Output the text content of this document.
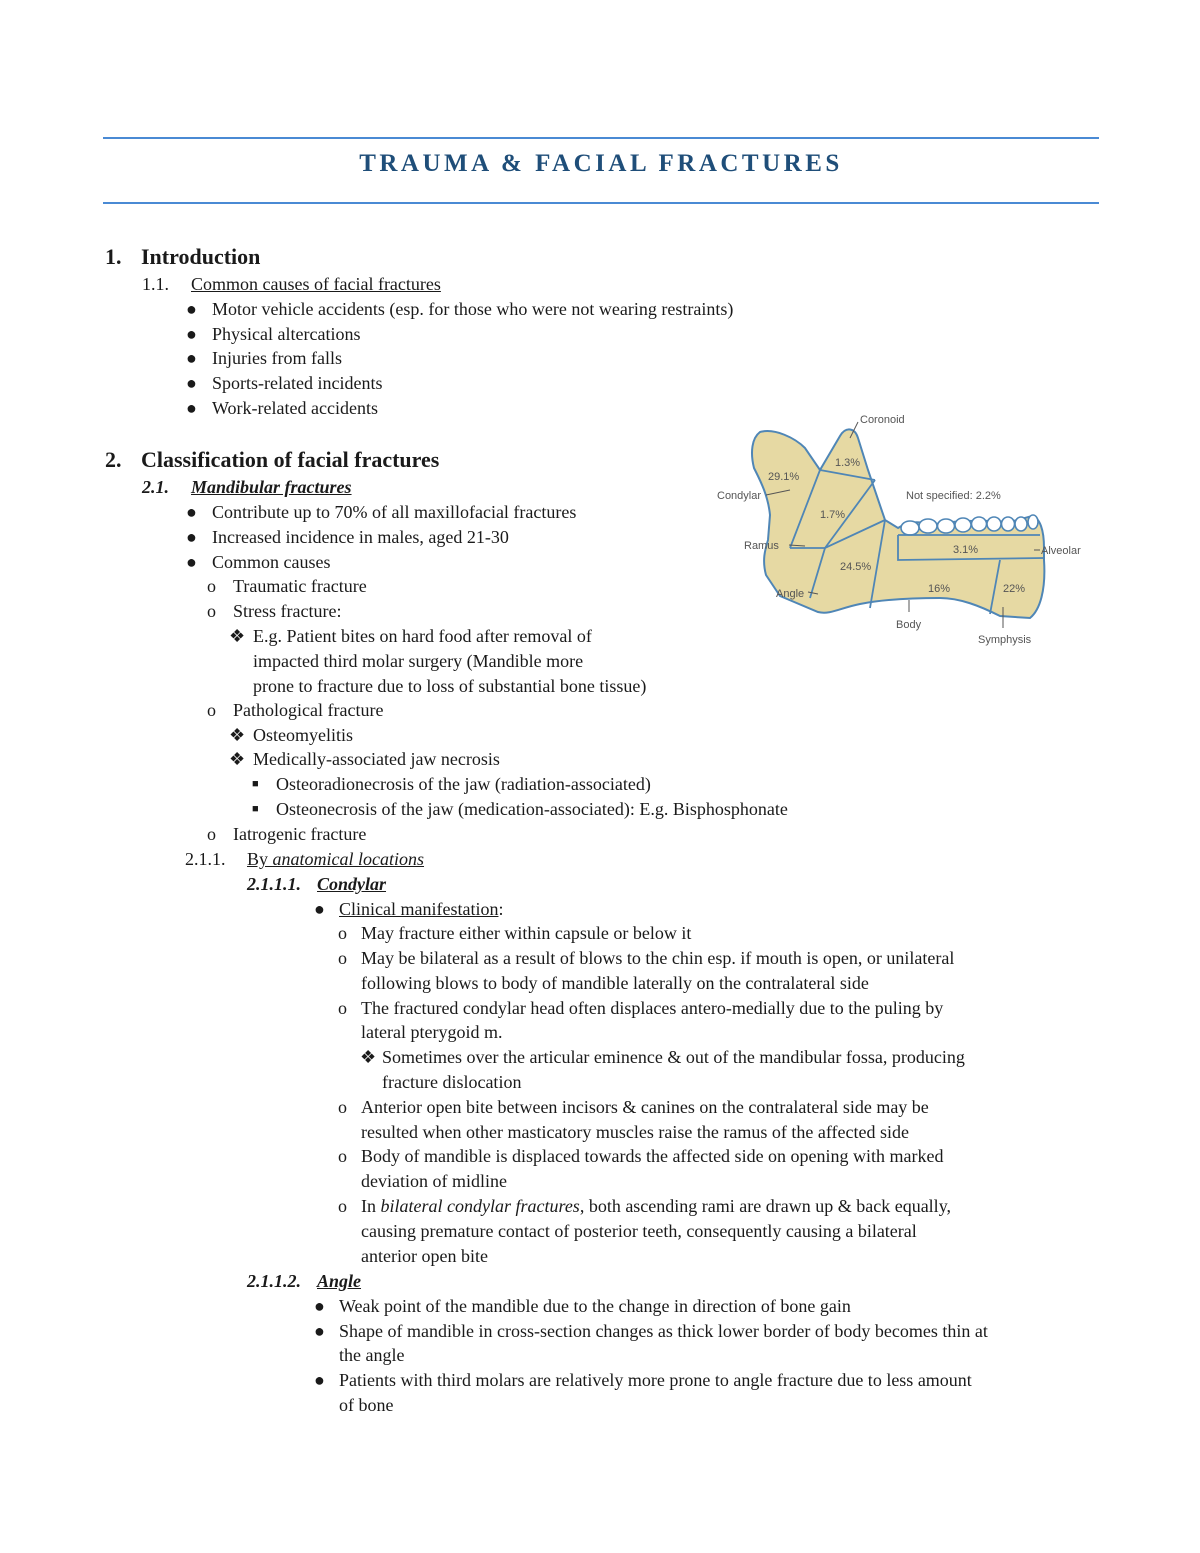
TRAUMA & FACIAL FRACTURES
1. Introduction
1.1. Common causes of facial fractures
● Motor vehicle accidents (esp. for those who were not wearing restraints)
● Physical altercations
● Injuries from falls
● Sports-related incidents
● Work-related accidents
2. Classification of facial fractures
2.1. Mandibular fractures
● Contribute up to 70% of all maxillofacial fractures
● Increased incidence in males, aged 21-30
● Common causes
o Traumatic fracture
o Stress fracture:
❖ E.g. Patient bites on hard food after removal of
impacted third molar surgery (Mandible more
prone to fracture due to loss of substantial bone tissue)
o Pathological fracture
❖ Osteomyelitis
❖ Medically-associated jaw necrosis
■ Osteoradionecrosis of the jaw (radiation-associated)
■ Osteonecrosis of the jaw (medication-associated): E.g. Bisphosphonate
o Iatrogenic fracture
2.1.1. By anatomical locations
2.1.1.1. Condylar
● Clinical manifestation:
o May fracture either within capsule or below it
o May be bilateral as a result of blows to the chin esp. if mouth is open, or unilateral
following blows to body of mandible laterally on the contralateral side
o The fractured condylar head often displaces antero-medially due to the puling by
lateral pterygoid m.
❖ Sometimes over the articular eminence & out of the mandibular fossa, producing
fracture dislocation
o Anterior open bite between incisors & canines on the contralateral side may be
resulted when other masticatory muscles raise the ramus of the affected side
o Body of mandible is displaced towards the affected side on opening with marked
deviation of midline
o In bilateral condylar fractures, both ascending rami are drawn up & back equally,
causing premature contact of posterior teeth, consequently causing a bilateral
anterior open bite
2.1.1.2. Angle
● Weak point of the mandible due to the change in direction of bone gain
● Shape of mandible in cross-section changes as thick lower border of body becomes thin at
the angle
● Patients with third molars are relatively more prone to angle fracture due to less amount
of bone
29.1%
1.3%
1.7%
24.5%
3.1%
16%	22%
Coronoid
Condylar
Ramus
Angle
Body
Symphysis
Alveolar
Not specified: 2.2%
